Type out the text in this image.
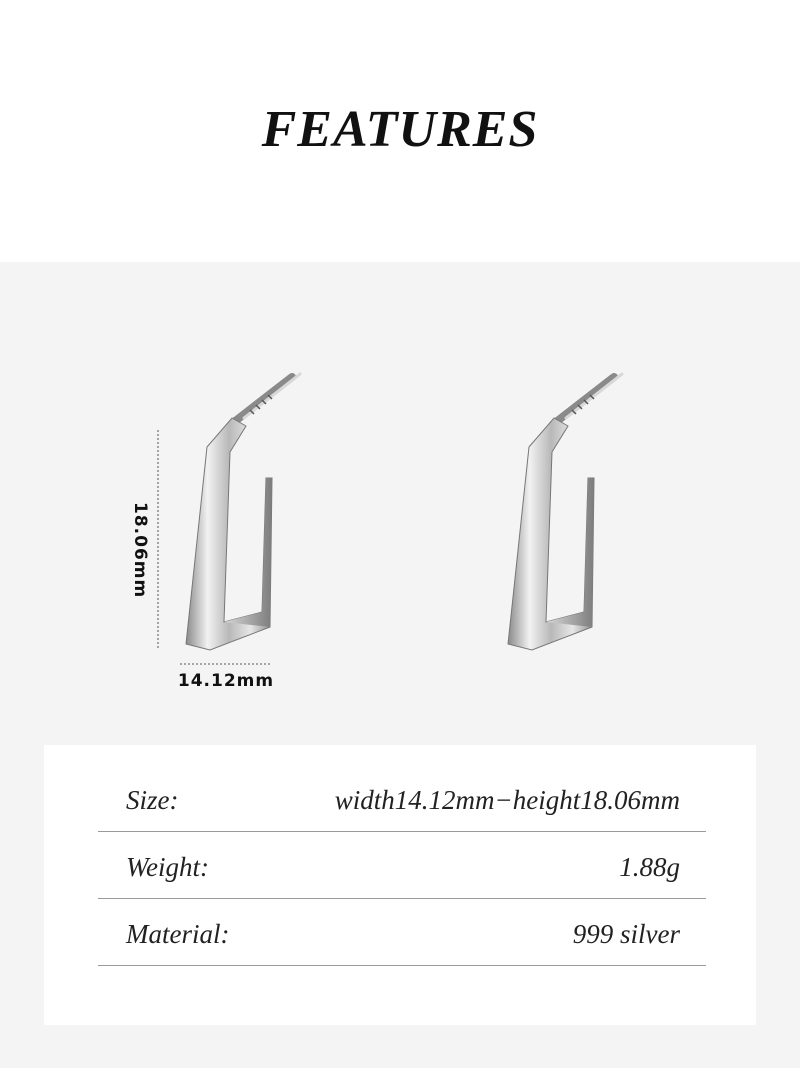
FEATURES
18.06mm
14.12mm
Size:	width14.12mm−height18.06mm
Weight:	1.88g
Material:	999 silver
